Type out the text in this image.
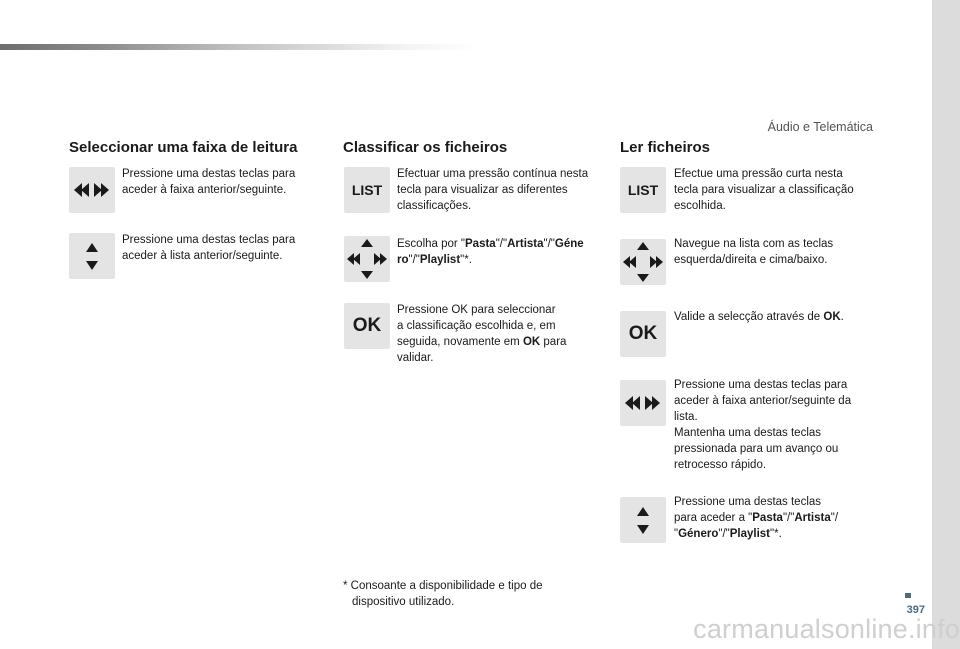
Áudio e Telemática
Seleccionar uma faixa de leitura	Classificar os ficheiros	Ler ficheiros
Pressione uma destas teclas para
aceder à faixa anterior/seguinte.
Pressione uma destas teclas para
aceder à lista anterior/seguinte.
LIST
Efectuar uma pressão contínua nesta
tecla para visualizar as diferentes
classificações.
Escolha por "Pasta"/"Artista"/"Géne
ro"/"Playlist"*.
OK
Pressione OK para seleccionar
a classificação escolhida e, em
seguida, novamente em OK para
validar.
LIST
Efectue uma pressão curta nesta
tecla para visualizar a classificação
escolhida.
Navegue na lista com as teclas
esquerda/direita e cima/baixo.
OK
Valide a selecção através de OK.
Pressione uma destas teclas para
aceder à faixa anterior/seguinte da
lista.
Mantenha uma destas teclas
pressionada para um avanço ou
retrocesso rápido.
Pressione uma destas teclas
para aceder a "Pasta"/"Artista"/
"Género"/"Playlist"*.
* Consoante a disponibilidade e tipo de
dispositivo utilizado.
397
carmanualsonline.info
